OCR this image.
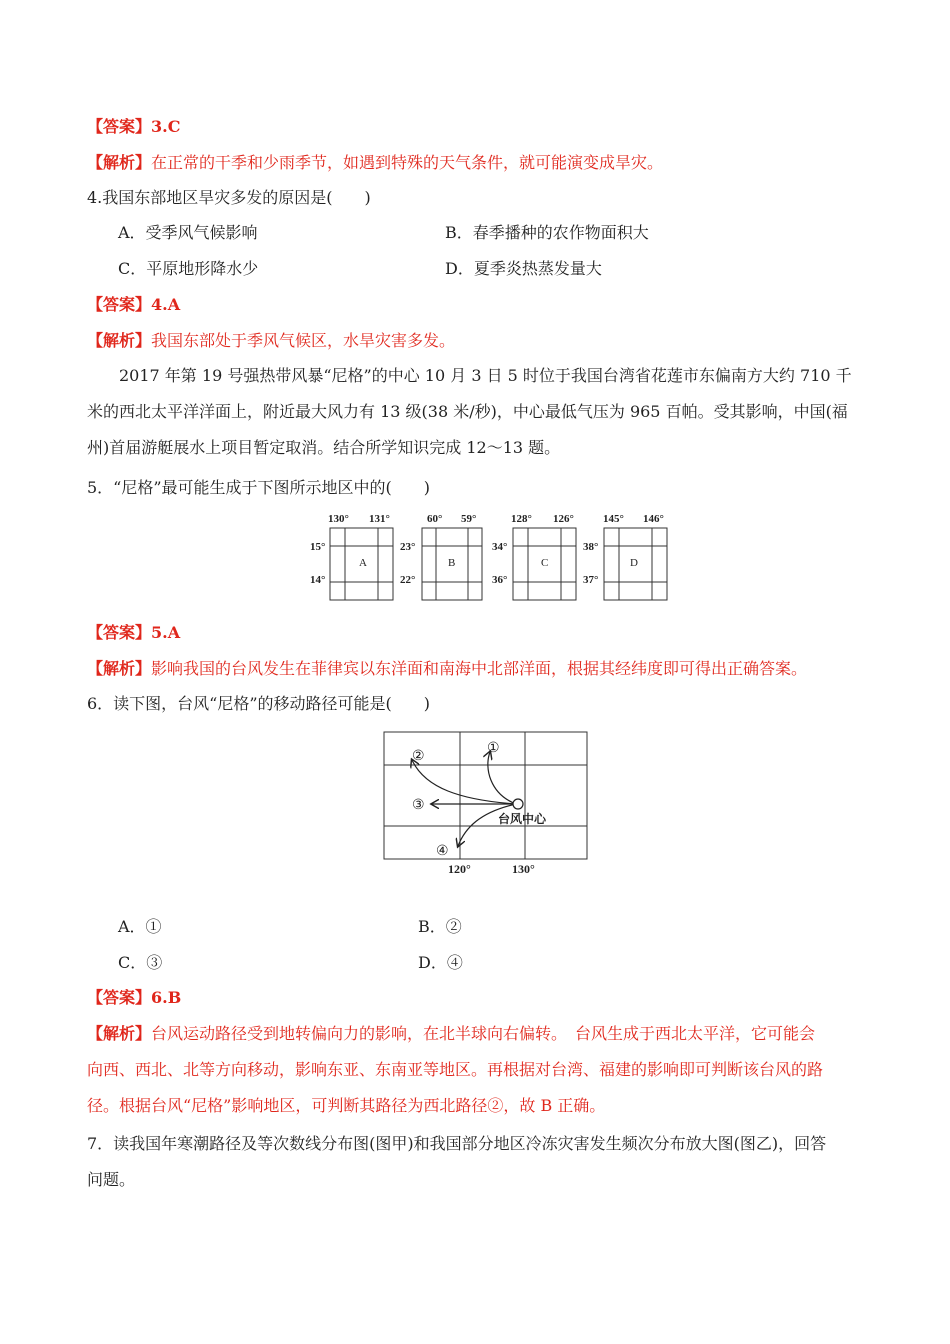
【答案】3.C
【解析】在正常的干季和少雨季节，如遇到特殊的天气条件，就可能演变成旱灾。
4.我国东部地区旱灾多发的原因是(　　)
A．受季风气候影响	B．春季播种的农作物面积大
C．平原地形降水少	D．夏季炎热蒸发量大
【答案】4.A
【解析】我国东部处于季风气候区，水旱灾害多发。
　　2017 年第 19 号强热带风暴“尼格”的中心 10 月 3 日 5 时位于我国台湾省花莲市东偏南方大约 710 千
米的西北太平洋洋面上，附近最大风力有 13 级(38 米/秒)，中心最低气压为 965 百帕。受其影响，中国(福
州)首届游艇展水上项目暂定取消。结合所学知识完成 12～13 题。
5．“尼格”最可能生成于下图所示地区中的(　　)
130° 131°
15°
14°
A
60° 59°
23°
22°
B
128° 126°
34°
36°
C
145° 146°
38°
37°
D
【答案】5.A
【解析】影响我国的台风发生在菲律宾以东洋面和南海中北部洋面，根据其经纬度即可得出正确答案。
6．读下图，台风“尼格”的移动路径可能是(　　)
②
①
③
④
台风中心
120°	130°
A．①	B．②
C．③	D．④
【答案】6.B
【解析】台风运动路径受到地转偏向力的影响，在北半球向右偏转。　台风生成于西北太平洋，它可能会
向西、西北、北等方向移动，影响东亚、东南亚等地区。再根据对台湾、福建的影响即可判断该台风的路
径。根据台风“尼格”影响地区，可判断其路径为西北路径②，故 B 正确。
7．读我国年寒潮路径及等次数线分布图(图甲)和我国部分地区冷冻灾害发生频次分布放大图(图乙)，回答
问题。
